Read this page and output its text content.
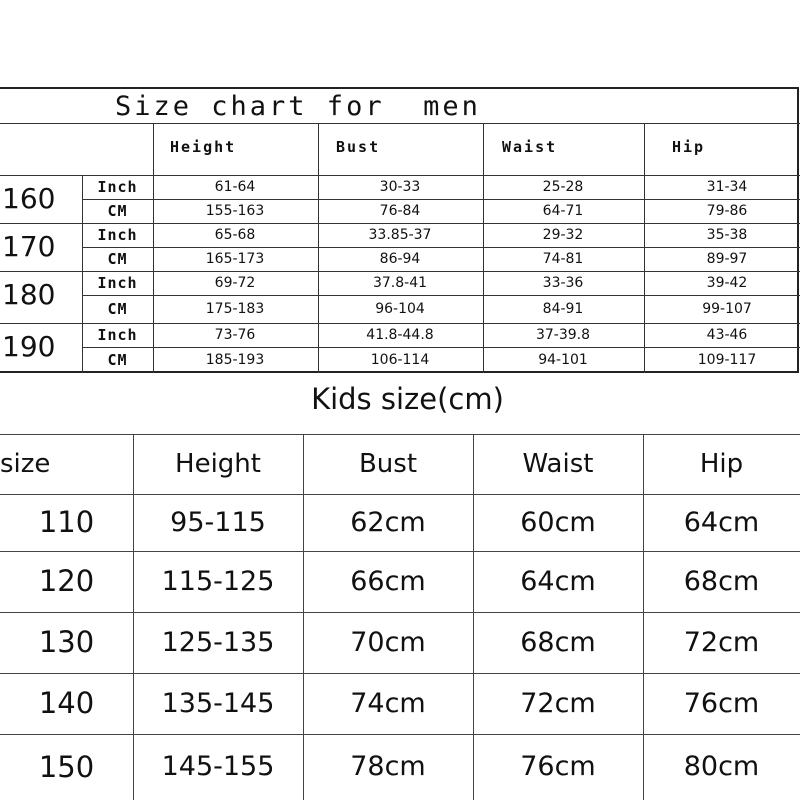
Size chart for  men
Height	Bust	Waist	Hip
160	Inch	61-64	30-33	25-28	31-34
CM	155-163	76-84	64-71	79-86
170	Inch	65-68	33.85-37	29-32	35-38
CM	165-173	86-94	74-81	89-97
180	Inch	69-72	37.8-41	33-36	39-42
CM	175-183	96-104	84-91	99-107
190	Inch	73-76	41.8-44.8	37-39.8	43-46
CM	185-193	106-114	94-101	109-117
Kids size(cm)
size	Height	Bust	Waist	Hip
110	95-115	62cm	60cm	64cm
120	115-125	66cm	64cm	68cm
130	125-135	70cm	68cm	72cm
140	135-145	74cm	72cm	76cm
150	145-155	78cm	76cm	80cm
